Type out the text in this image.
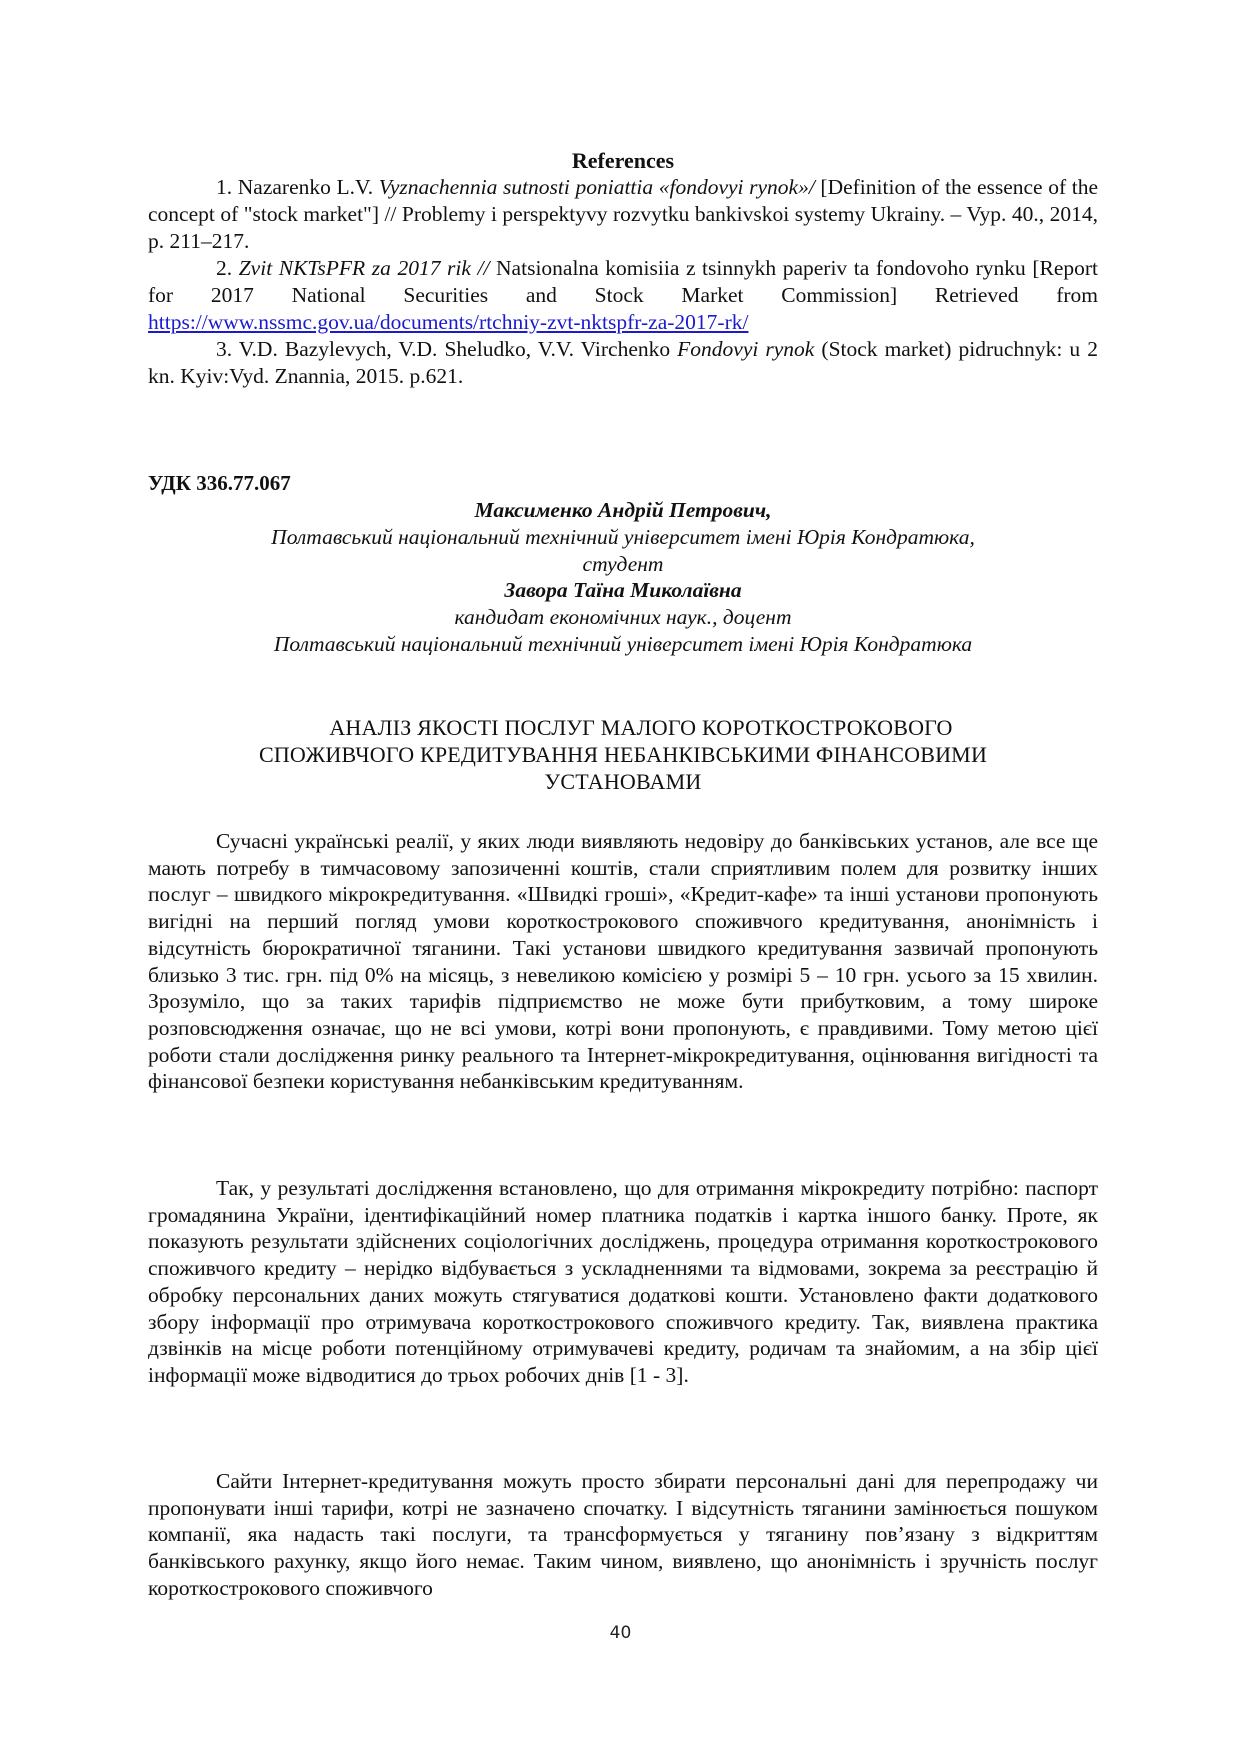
References
1. Nazarenko L.V. Vyznachennia sutnosti poniattia «fondovyi rynok»/ [Definition of the essence of the concept of "stock market"] // Problemy i perspektyvy rozvytku bankivskoi systemy Ukrainy. – Vyp. 40., 2014, p. 211–217.
2. Zvit NKTsPFR za 2017 rik // Natsionalna komisiia z tsinnykh paperiv ta fondovoho rynku [Report for 2017 National Securities and Stock Market Commission] Retrieved from https://www.nssmc.gov.ua/documents/rtchniy-zvt-nktspfr-za-2017-rk/
3. V.D. Bazylevych, V.D. Sheludko, V.V. Virchenko Fondovyi rynok (Stock market) pidruchnyk: u 2 kn. Kyiv:Vyd. Znannia, 2015. p.621.
УДК 336.77.067
Максименко Андрій Петрович,
Полтавський національний технічний університет імені Юрія Кондратюка,
студент
Завора Таїна Миколаївна
кандидат економічних наук., доцент
Полтавський національний технічний університет імені Юрія Кондратюка
АНАЛІЗ ЯКОСТІ ПОСЛУГ МАЛОГО КОРОТКОСТРОКОВОГО
СПОЖИВЧОГО КРЕДИТУВАННЯ НЕБАНКІВСЬКИМИ ФІНАНСОВИМИ
УСТАНОВАМИ
Сучасні українські реалії, у яких люди виявляють недовіру до банківських установ, але все ще мають потребу в тимчасовому запозиченні коштів, стали сприятливим полем для розвитку інших послуг – швидкого мікрокредитування. «Швидкі гроші», «Кредит-кафе» та інші установи пропонують вигідні на перший погляд умови короткострокового споживчого кредитування, анонімність і відсутність бюрократичної тяганини. Такі установи швидкого кредитування зазвичай пропонують близько 3 тис. грн. під 0% на місяць, з невеликою комісією у розмірі 5 – 10 грн. усього за 15 хвилин. Зрозуміло, що за таких тарифів підприємство не може бути прибутковим, а тому широке розповсюдження означає, що не всі умови, котрі вони пропонують, є правдивими. Тому метою цієї роботи стали дослідження ринку реального та Інтернет-мікрокредитування, оцінювання вигідності та фінансової безпеки користування небанківським кредитуванням.
Так, у результаті дослідження встановлено, що для отримання мікрокредиту потрібно: паспорт громадянина України, ідентифікаційний номер платника податків і картка іншого банку. Проте, як показують результати здійснених соціологічних досліджень, процедура отримання короткострокового споживчого кредиту – нерідко відбувається з ускладненнями та відмовами, зокрема за реєстрацію й обробку персональних даних можуть стягуватися додаткові кошти. Установлено факти додаткового збору інформації про отримувача короткострокового споживчого кредиту. Так, виявлена практика дзвінків на місце роботи потенційному отримувачеві кредиту, родичам та знайомим, а на збір цієї інформації може відводитися до трьох робочих днів [1 - 3].
Сайти Інтернет-кредитування можуть просто збирати персональні дані для перепродажу чи пропонувати інші тарифи, котрі не зазначено спочатку. І відсутність тяганини замінюється пошуком компанії, яка надасть такі послуги, та трансформується у тяганину пов’язану з відкриттям банківського рахунку, якщо його немає. Таким чином, виявлено, що анонімність і зручність послуг короткострокового споживчого
40
